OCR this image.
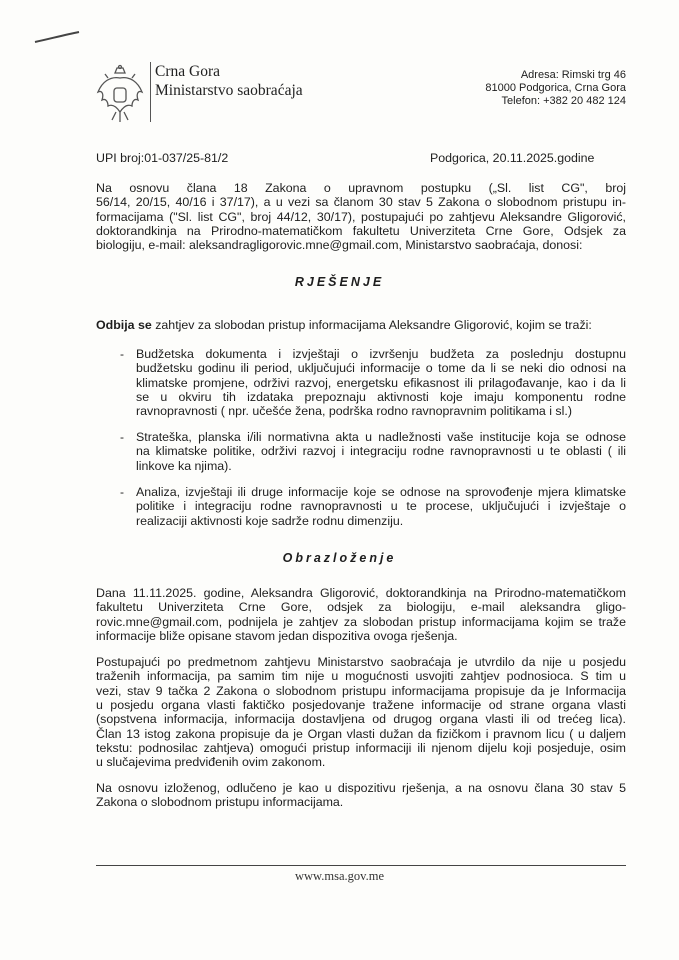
Crna Gora
Ministarstvo saobraćaja
Adresa: Rimski trg 46
81000 Podgorica, Crna Gora
Telefon: +382 20 482 124
UPI broj:01-037/25-81/2	Podgorica, 20.11.2025.godine
Na osnovu člana 18 Zakona o upravnom postupku („Sl. list CG", broj
56/14, 20/15, 40/16 i 37/17), a u vezi sa članom 30 stav 5 Zakona o slobodnom pristupu in-
formacijama ("Sl. list CG", broj 44/12, 30/17), postupajući po zahtjevu Aleksandre Gligorović,
doktorandkinja na Prirodno-matematičkom fakultetu Univerziteta Crne Gore, Odsjek za
biologiju, e-mail: aleksandragligorovic.mne@gmail.com, Ministarstvo saobraćaja, donosi:
RJEŠENJE
Odbija se zahtjev za slobodan pristup informacijama Aleksandre Gligorović, kojim se traži:
- Budžetska dokumenta i izvještaji o izvršenju budžeta za poslednju dostupnu
budžetsku godinu ili period, uključujući informacije o tome da li se neki dio odnosi na
klimatske promjene, održivi razvoj, energetsku efikasnost ili prilagođavanje, kao i da li
se u okviru tih izdataka prepoznaju aktivnosti koje imaju komponentu rodne
ravnopravnosti ( npr. učešće žena, podrška rodno ravnopravnim politikama i sl.)
- Strateška, planska i/ili normativna akta u nadležnosti vaše institucije koja se odnose
na klimatske politike, održivi razvoj i integraciju rodne ravnopravnosti u te oblasti ( ili
linkove ka njima).
- Analiza, izvještaji ili druge informacije koje se odnose na sprovođenje mjera klimatske
politike i integraciju rodne ravnopravnosti u te procese, uključujući i izvještaje o
realizaciji aktivnosti koje sadrže rodnu dimenziju.
Obrazloženje
Dana 11.11.2025. godine, Aleksandra Gligorović, doktorandkinja na Prirodno-matematičkom
fakultetu Univerziteta Crne Gore, odsjek za biologiju, e-mail aleksandra gligo-
rovic.mne@gmail.com, podnijela je zahtjev za slobodan pristup informacijama kojim se traže
informacije bliže opisane stavom jedan dispozitiva ovoga rješenja.
Postupajući po predmetnom zahtjevu Ministarstvo saobraćaja je utvrdilo da nije u posjedu
traženih informacija, pa samim tim nije u mogućnosti usvojiti zahtjev podnosioca. S tim u
vezi, stav 9 tačka 2 Zakona o slobodnom pristupu informacijama propisuje da je Informacija
u posjedu organa vlasti faktičko posjedovanje tražene informacije od strane organa vlasti
(sopstvena informacija, informacija dostavljena od drugog organa vlasti ili od trećeg lica).
Član 13 istog zakona propisuje da je Organ vlasti dužan da fizičkom i pravnom licu ( u daljem
tekstu: podnosilac zahtjeva) omogući pristup informaciji ili njenom dijelu koji posjeduje, osim
u slučajevima predviđenih ovim zakonom.
Na osnovu izloženog, odlučeno je kao u dispozitivu rješenja, a na osnovu člana 30 stav 5
Zakona o slobodnom pristupu informacijama.
www.msa.gov.me
